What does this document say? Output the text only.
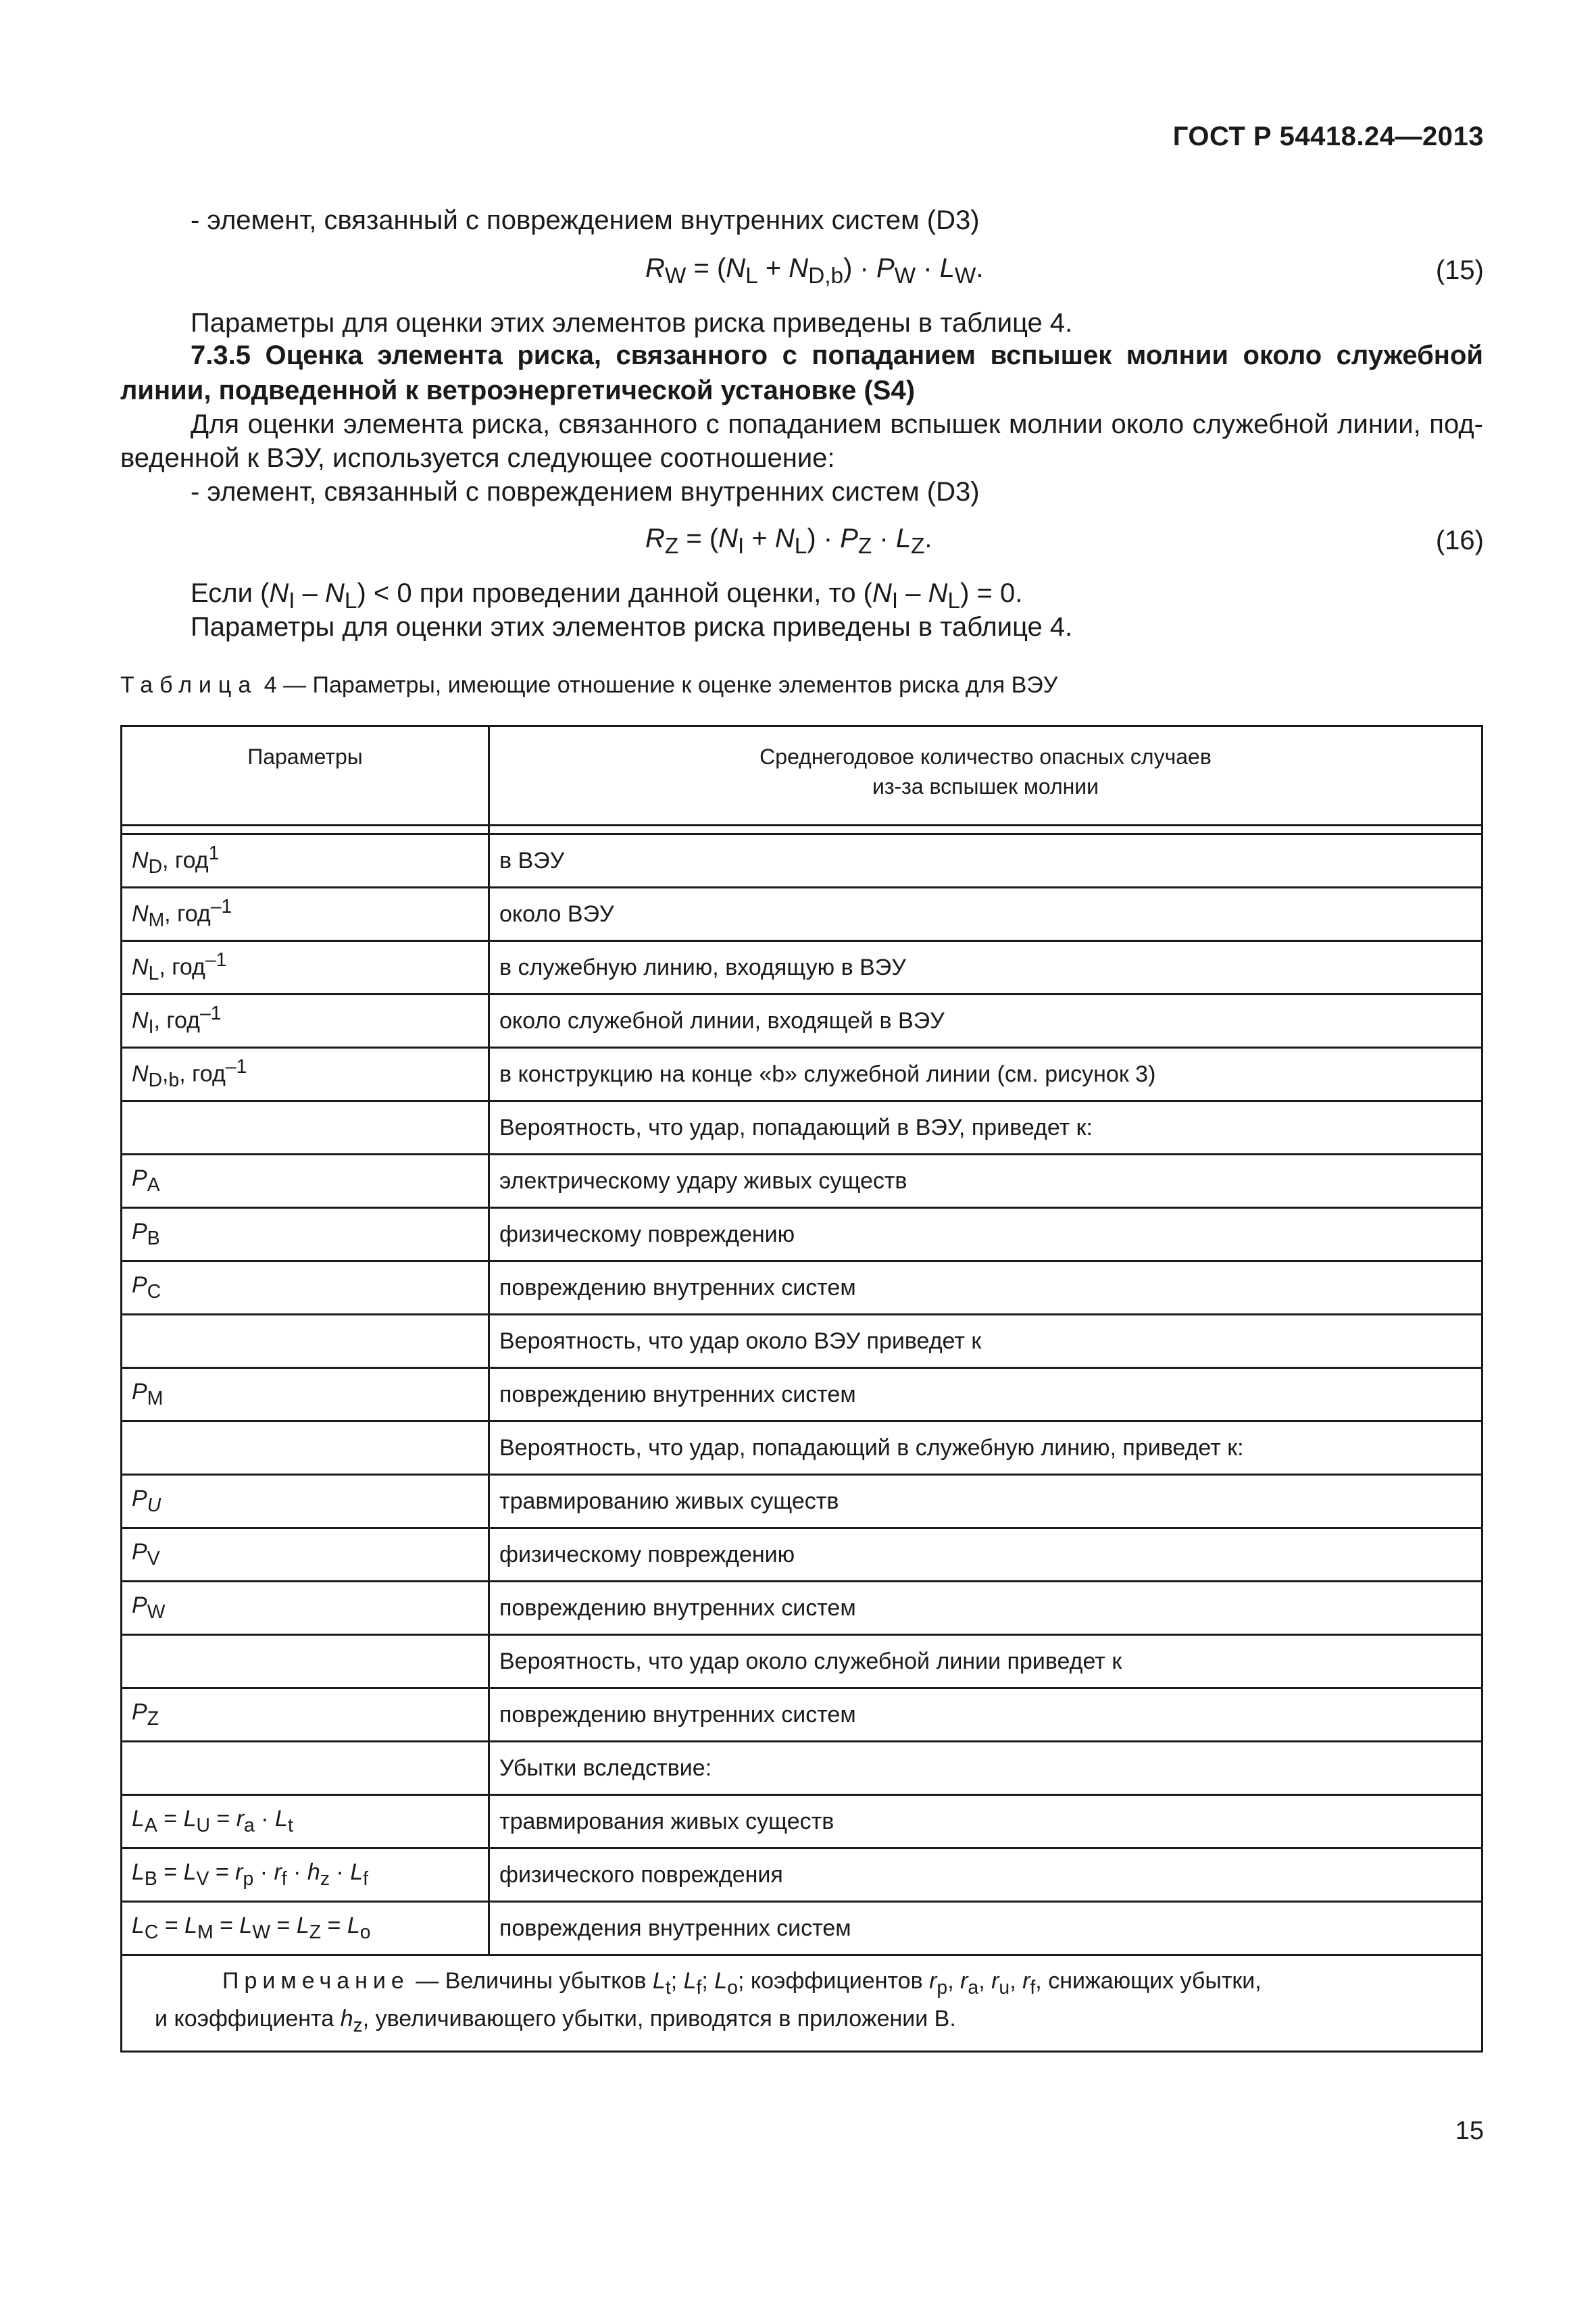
ГОСТ Р 54418.24—2013
- элемент, связанный с повреждением внутренних систем (D3)
$R_W = (N_L + N_{D,b}) \cdot P_W \cdot L_W$.	(15)
Параметры для оценки этих элементов риска приведены в таблице 4.
7.3.5 Оценка элемента риска, связанного с попаданием вспышек молнии около служебной линии, подведенной к ветроэнергетической установке (S4)
Для оценки элемента риска, связанного с попаданием вспышек молнии около служебной линии, под-
веденной к ВЭУ, используется следующее соотношение:
- элемент, связанный с повреждением внутренних систем (D3)
$R_Z = (N_I + N_L) \cdot P_Z \cdot L_Z$.	(16)
Если $(N_I - N_L) < 0$ при проведении данной оценки, то $(N_I - N_L) = 0$.
Параметры для оценки этих элементов риска приведены в таблице 4.
Таблица 4 — Параметры, имеющие отношение к оценке элементов риска для ВЭУ
Параметры	Среднегодовое количество опасных случаев
из-за вспышек молнии

$N_D$, год$^1$	в ВЭУ
$N_M$, год$^{-1}$	около ВЭУ
$N_L$, год$^{-1}$	в служебную линию, входящую в ВЭУ
$N_I$, год$^{-1}$	около служебной линии, входящей в ВЭУ
$N_D,_b$, год$^{-1}$	в конструкцию на конце «b» служебной линии (см. рисунок 3)
	Вероятность, что удар, попадающий в ВЭУ, приведет к:
$P_A$	электрическому удару живых существ
$P_B$	физическому повреждению
$P_C$	повреждению внутренних систем
	Вероятность, что удар около ВЭУ приведет к
$P_M$	повреждению внутренних систем
	Вероятность, что удар, попадающий в служебную линию, приведет к:
$P_U$	травмированию живых существ
$P_V$	физическому повреждению
$P_W$	повреждению внутренних систем
	Вероятность, что удар около служебной линии приведет к
$P_Z$	повреждению внутренних систем
	Убытки вследствие:
$L_A = L_U = r_a \cdot L_t$	травмирования живых существ
$L_B = L_V = r_p \cdot r_f \cdot h_z \cdot L_f$	физического повреждения
$L_C = L_M = L_W = L_Z = L_o$	повреждения внутренних систем

Примечание — Величины убытков $L_t$; $L_f$; $L_o$; коэффициентов $r_p$, $r_a$, $r_u$, $r_f$, снижающих убытки,
и коэффициента $h_z$, увеличивающего убытки, приводятся в приложении В.	
15
